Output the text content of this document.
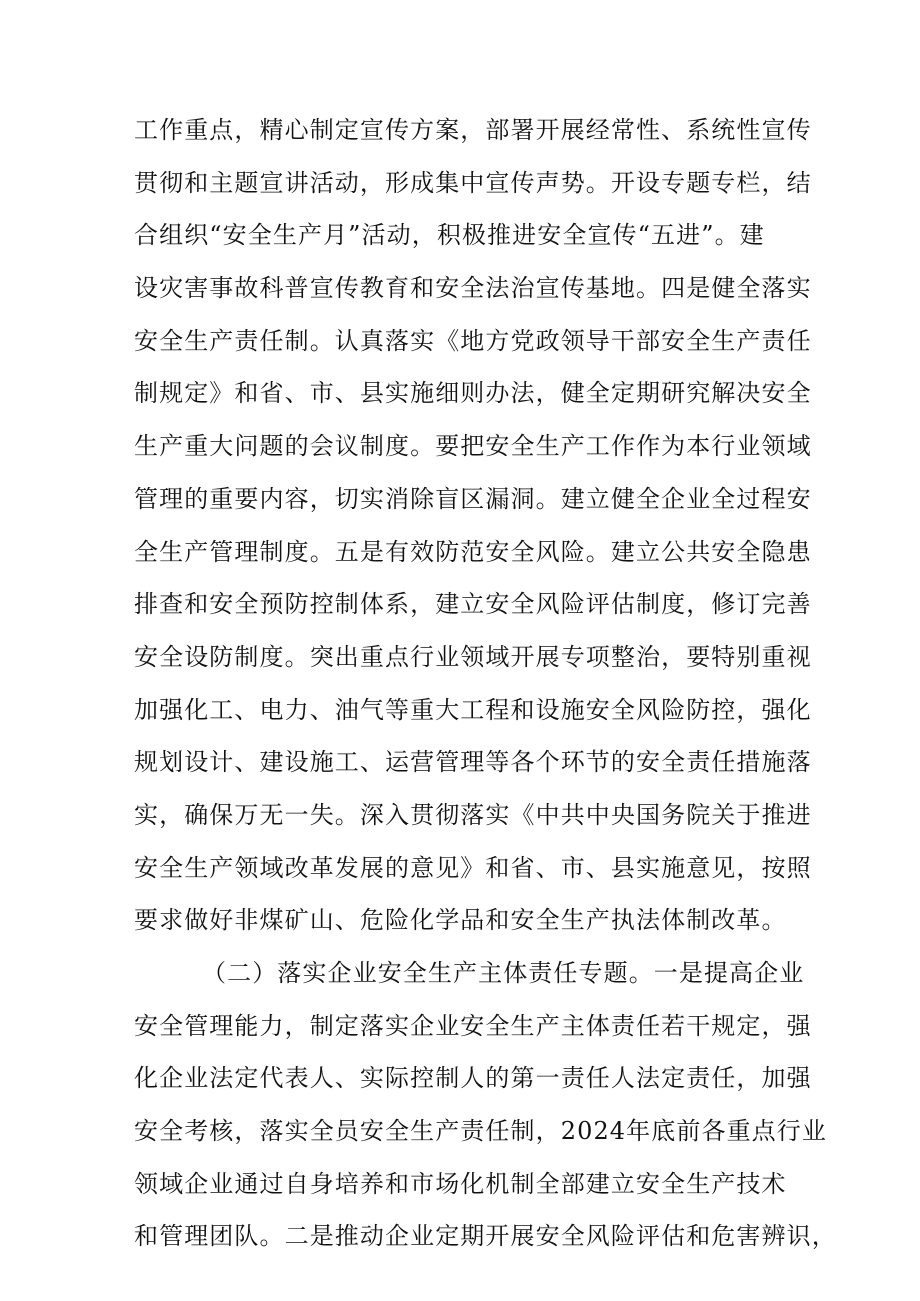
工作重点，精心制定宣传方案，部署开展经常性、系统性宣传
贯彻和主题宣讲活动，形成集中宣传声势。开设专题专栏，结
合组织“安全生产月”活动，积极推进安全宣传“五进”。建
设灾害事故科普宣传教育和安全法治宣传基地。四是健全落实
安全生产责任制。认真落实《地方党政领导干部安全生产责任
制规定》和省、市、县实施细则办法，健全定期研究解决安全
生产重大问题的会议制度。要把安全生产工作作为本行业领域
管理的重要内容，切实消除盲区漏洞。建立健全企业全过程安
全生产管理制度。五是有效防范安全风险。建立公共安全隐患
排查和安全预防控制体系，建立安全风险评估制度，修订完善
安全设防制度。突出重点行业领域开展专项整治，要特别重视
加强化工、电力、油气等重大工程和设施安全风险防控，强化
规划设计、建设施工、运营管理等各个环节的安全责任措施落
实，确保万无一失。深入贯彻落实《中共中央国务院关于推进
安全生产领域改革发展的意见》和省、市、县实施意见，按照
要求做好非煤矿山、危险化学品和安全生产执法体制改革。
（二）落实企业安全生产主体责任专题。一是提高企业
安全管理能力，制定落实企业安全生产主体责任若干规定，强
化企业法定代表人、实际控制人的第一责任人法定责任，加强
安全考核，落实全员安全生产责任制，2024年底前各重点行业
领域企业通过自身培养和市场化机制全部建立安全生产技术
和管理团队。二是推动企业定期开展安全风险评估和危害辨识，
